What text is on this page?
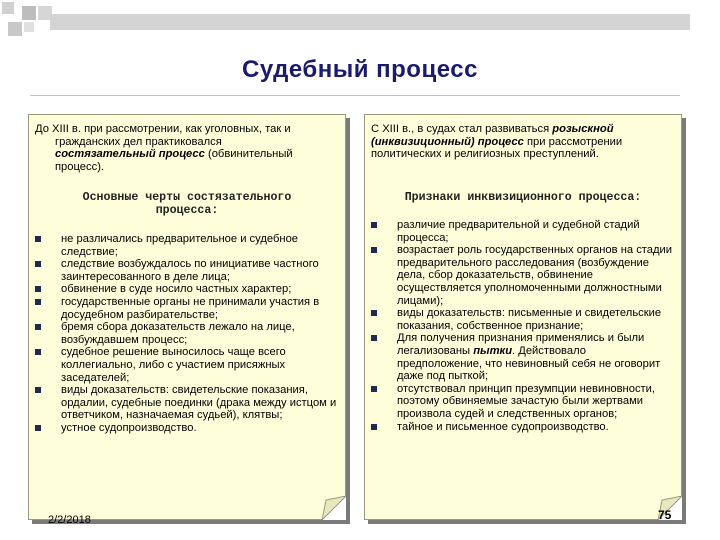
Судебный процесс
До XIII в. при рассмотрении, как уголовных, так и
гражданских дел практиковался
состязательный процесс (обвинительный процесс).
Основные черты состязательного процесса:
не различались предварительное и судебное следствие;
следствие возбуждалось по инициативе частного заинтересованного в деле лица;
обвинение в суде носило частных характер;
государственные органы не принимали участия в досудебном разбирательстве;
бремя сбора доказательств лежало на лице, возбуждавшем процесс;
судебное решение выносилось чаще всего коллегиально, либо с участием присяжных заседателей;
виды доказательств: свидетельские показания, ордалии, судебные поединки (драка между истцом и ответчиком, назначаемая судьей), клятвы;
устное судопроизводство.
С XIII в., в судах стал развиваться розыскной (инквизиционный) процесс при рассмотрении политических и религиозных преступлений.
Признаки инквизиционного процесса:
различие предварительной и судебной стадий процесса;
возрастает роль государственных органов на стадии предварительного расследования (возбуждение дела, сбор доказательств, обвинение осуществляется уполномоченными должностными лицами);
виды доказательств: письменные и свидетельские показания, собственное признание;
Для получения признания применялись и были легализованы пытки. Действовало предположение, что невиновный себя не оговорит даже под пыткой;
отсутствовал принцип презумпции невиновности, поэтому обвиняемые зачастую были жертвами произвола судей и следственных органов;
тайное и письменное судопроизводство.
2/2/2018	75
